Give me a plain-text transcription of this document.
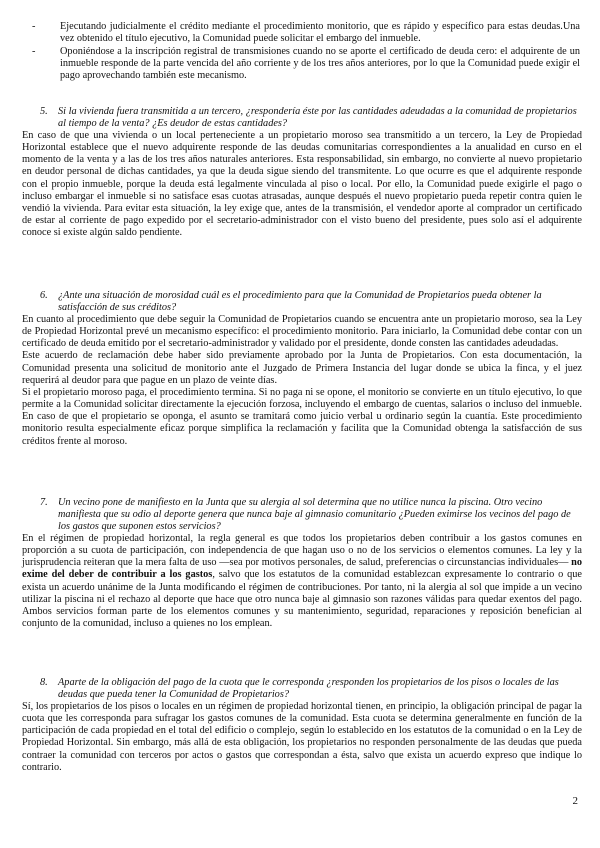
-	Ejecutando judicialmente el crédito mediante el procedimiento monitorio, que es rápido y específico para estas deudas.Una vez obtenido el título ejecutivo, la Comunidad puede solicitar el embargo del inmueble.
-	Oponiéndose a la inscripción registral de transmisiones cuando no se aporte el certificado de deuda cero: el adquirente de un inmueble responde de la parte vencida del año corriente y de los tres años anteriores, por lo que la Comunidad puede exigir el pago aprovechando también este mecanismo.
5. Si la vivienda fuera transmitida a un tercero, ¿respondería éste por las cantidades adeudadas a la comunidad de propietarios al tiempo de la venta? ¿Es deudor de estas cantidades?

En caso de que una vivienda o un local perteneciente a un propietario moroso sea transmitido a un tercero, la Ley de Propiedad Horizontal establece que el nuevo adquirente responde de las deudas comunitarias correspondientes a la anualidad en curso en el momento de la venta y a las de los tres años naturales anteriores. Esta responsabilidad, sin embargo, no convierte al nuevo propietario en deudor personal de dichas cantidades, ya que la deuda sigue siendo del transmitente. Lo que ocurre es que el adquirente responde con el propio inmueble, porque la deuda está legalmente vinculada al piso o local. Por ello, la Comunidad puede exigirle el pago o incluso embargar el inmueble si no satisface esas cuotas atrasadas, aunque después el nuevo propietario pueda repetir contra quien le vendió la vivienda. Para evitar esta situación, la ley exige que, antes de la transmisión, el vendedor aporte al comprador un certificado de estar al corriente de pago expedido por el secretario-administrador con el visto bueno del presidente, pues solo así el adquirente conoce si existe algún saldo pendiente.

6. ¿Ante una situación de morosidad cuál es el procedimiento para que la Comunidad de Propietarios pueda obtener la satisfacción de sus créditos?

En cuanto al procedimiento que debe seguir la Comunidad de Propietarios cuando se encuentra ante un propietario moroso, sea la Ley de Propiedad Horizontal prevé un mecanismo específico: el procedimiento monitorio. Para iniciarlo, la Comunidad debe contar con un certificado de deuda emitido por el secretario-administrador y validado por el presidente, donde consten las cantidades adeudadas.

Este acuerdo de reclamación debe haber sido previamente aprobado por la Junta de Propietarios. Con esta documentación, la Comunidad presenta una solicitud de monitorio ante el Juzgado de Primera Instancia del lugar donde se ubica la finca, y el juez requerirá al deudor para que pague en un plazo de veinte días.

Si el propietario moroso paga, el procedimiento termina. Si no paga ni se opone, el monitorio se convierte en un título ejecutivo, lo que permite a la Comunidad solicitar directamente la ejecución forzosa, incluyendo el embargo de cuentas, salarios o incluso del inmueble. En caso de que el propietario se oponga, el asunto se tramitará como juicio verbal u ordinario según la cuantía. Este procedimiento monitorio resulta especialmente eficaz porque simplifica la reclamación y facilita que la Comunidad obtenga la satisfacción de sus créditos frente al moroso.

7. Un vecino pone de manifiesto en la Junta que su alergia al sol determina que no utilice nunca la piscina. Otro vecino manifiesta que su odio al deporte genera que nunca baje al gimnasio comunitario ¿Pueden eximirse los vecinos del pago de los gastos que suponen estos servicios?

En el régimen de propiedad horizontal, la regla general es que todos los propietarios deben contribuir a los gastos comunes en proporción a su cuota de participación, con independencia de que hagan uso o no de los servicios o elementos comunes. La ley y la jurisprudencia reiteran que la mera falta de uso —sea por motivos personales, de salud, preferencias o circunstancias individuales— no exime del deber de contribuir a los gastos, salvo que los estatutos de la comunidad establezcan expresamente lo contrario o que exista un acuerdo unánime de la Junta modificando el régimen de contribuciones. Por tanto, ni la alergia al sol que impide a un vecino utilizar la piscina ni el rechazo al deporte que hace que otro nunca baje al gimnasio son razones válidas para quedar exentos del pago. Ambos servicios forman parte de los elementos comunes y su mantenimiento, seguridad, reparaciones y reposición benefician al conjunto de la comunidad, incluso a quienes no los emplean.

8. Aparte de la obligación del pago de la cuota que le corresponda ¿responden los propietarios de los pisos o locales de las deudas que pueda tener la Comunidad de Propietarios?

Sí, los propietarios de los pisos o locales en un régimen de propiedad horizontal tienen, en principio, la obligación principal de pagar la cuota que les corresponda para sufragar los gastos comunes de la comunidad. Esta cuota se determina generalmente en función de la participación de cada propiedad en el total del edificio o complejo, según lo establecido en los estatutos de la comunidad o en la Ley de Propiedad Horizontal. Sin embargo, más allá de esta obligación, los propietarios no responden personalmente de las deudas que pueda contraer la comunidad con terceros por actos o gastos que correspondan a ésta, salvo que exista un acuerdo expreso que indique lo contrario.

2
